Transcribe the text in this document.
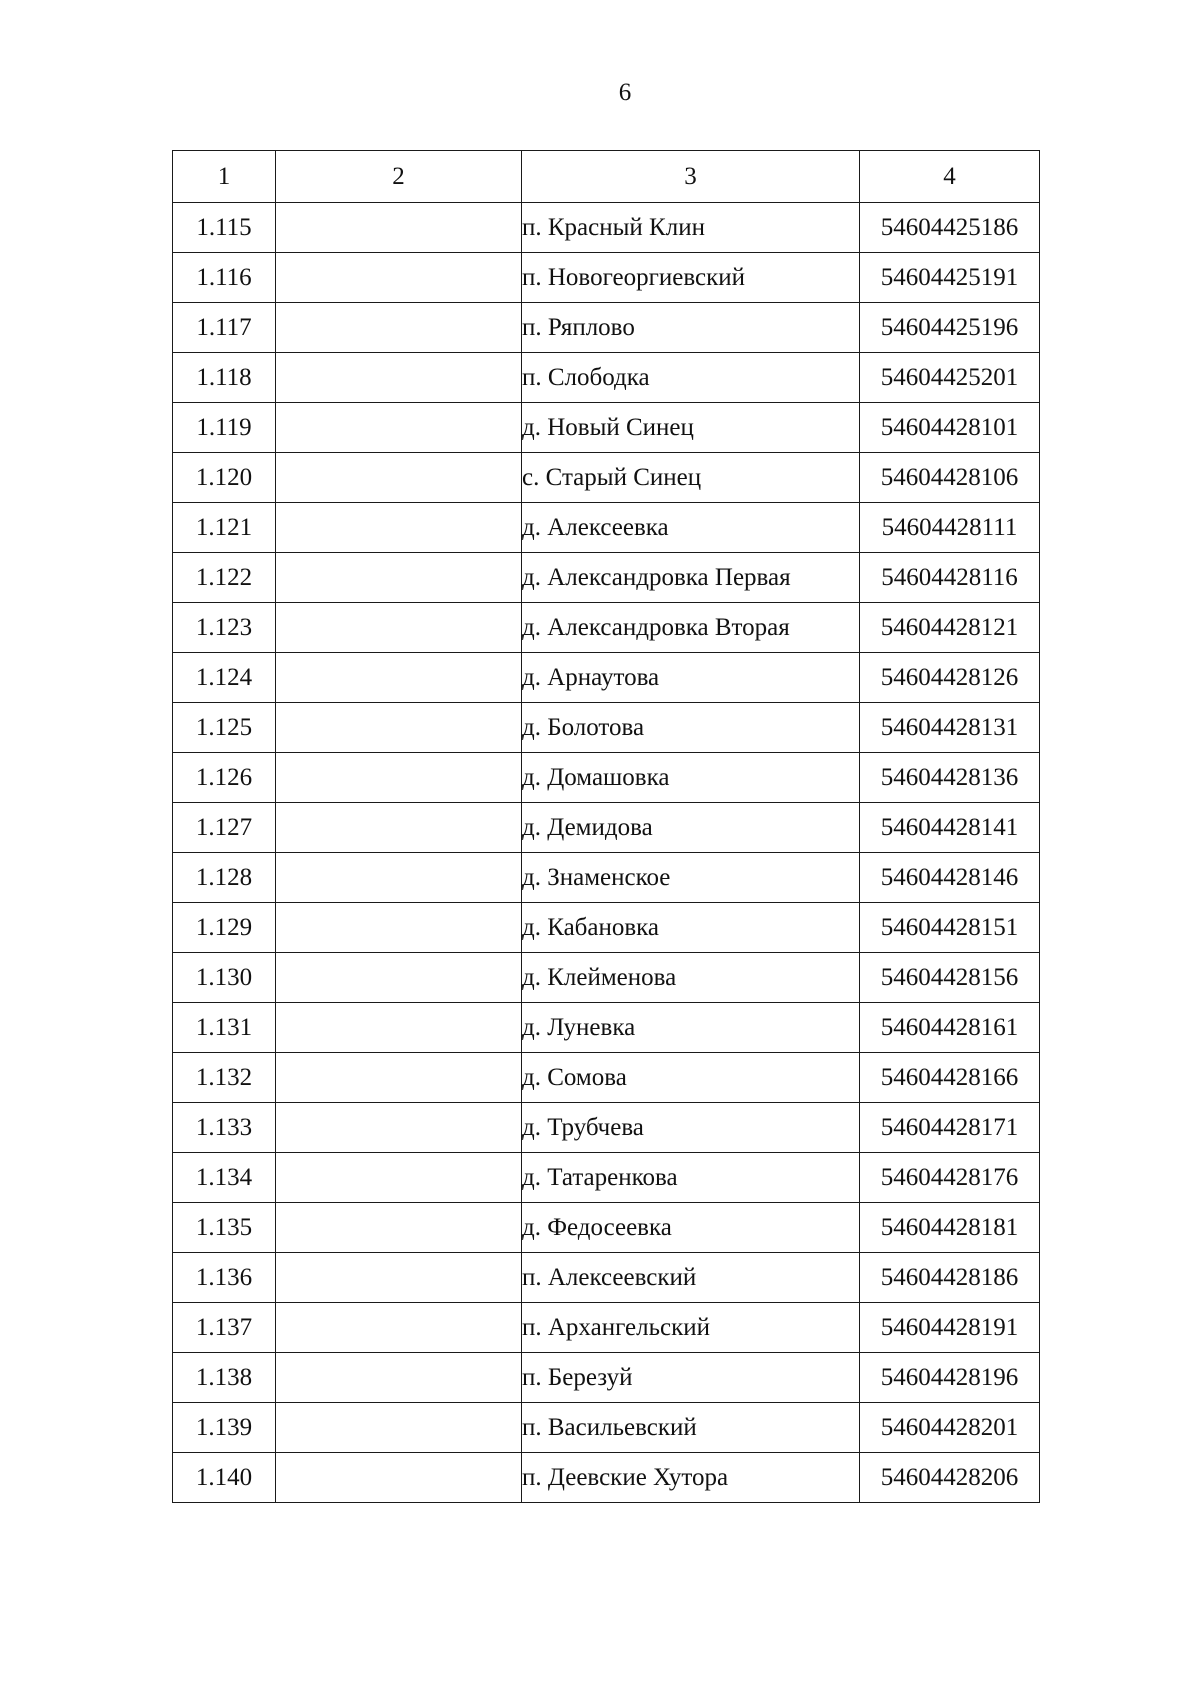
6
1	2	3	4
1.115		п. Красный Клин	54604425186
1.116		п. Новогеоргиевский	54604425191
1.117		п. Ряплово	54604425196
1.118		п. Слободка	54604425201
1.119		д. Новый Синец	54604428101
1.120		с. Старый Синец	54604428106
1.121		д. Алексеевка	54604428111
1.122		д. Александровка Первая	54604428116
1.123		д. Александровка Вторая	54604428121
1.124		д. Арнаутова	54604428126
1.125		д. Болотова	54604428131
1.126		д. Домашовка	54604428136
1.127		д. Демидова	54604428141
1.128		д. Знаменское	54604428146
1.129		д. Кабановка	54604428151
1.130		д. Клейменова	54604428156
1.131		д. Луневка	54604428161
1.132		д. Сомова	54604428166
1.133		д. Трубчева	54604428171
1.134		д. Татаренкова	54604428176
1.135		д. Федосеевка	54604428181
1.136		п. Алексеевский	54604428186
1.137		п. Архангельский	54604428191
1.138		п. Березуй	54604428196
1.139		п. Васильевский	54604428201
1.140		п. Деевские Хутора	54604428206
